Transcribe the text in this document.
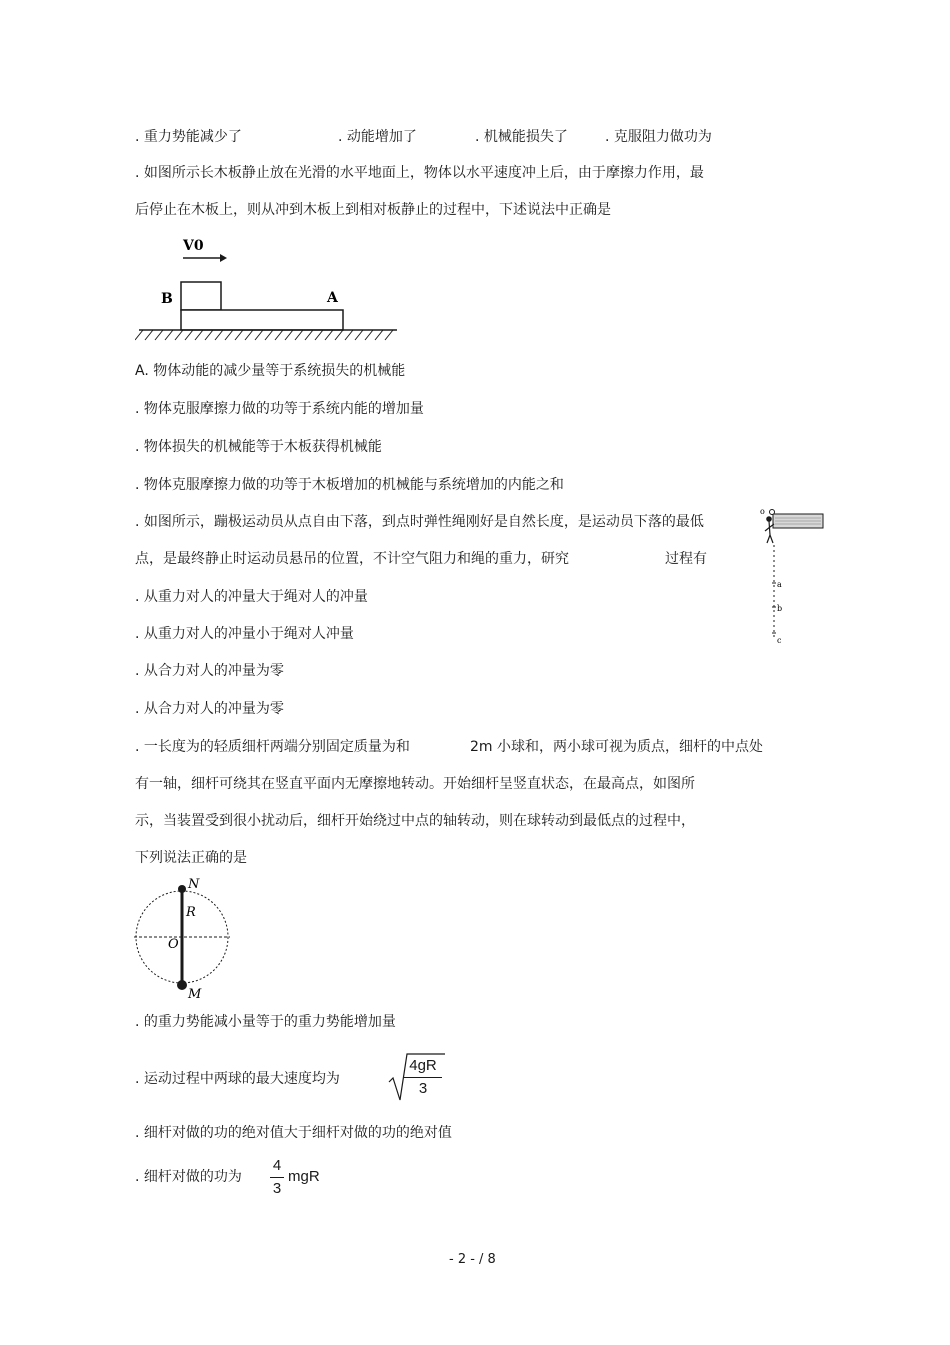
. 重力势能减少了	. 动能增加了	. 机械能损失了	. 克服阻力做功为
. 如图所示长木板静止放在光滑的水平地面上，物体以水平速度冲上后，由于摩擦力作用，最
后停止在木板上，则从冲到木板上到相对板静止的过程中，下述说法中正确是
V0
B	A
A. 物体动能的减少量等于系统损失的机械能
. 物体克服摩擦力做的功等于系统内能的增加量
. 物体损失的机械能等于木板获得机械能
. 物体克服摩擦力做的功等于木板增加的机械能与系统增加的内能之和
. 如图所示，蹦极运动员从点自由下落，到点时弹性绳刚好是自然长度，是运动员下落的最低
点，是最终静止时运动员悬吊的位置，不计空气阻力和绳的重力，研究	过程有
o
a
b
c
. 从重力对人的冲量大于绳对人的冲量
. 从重力对人的冲量小于绳对人冲量
. 从合力对人的冲量为零
. 从合力对人的冲量为零
. 一长度为的轻质细杆两端分别固定质量为和	2m 小球和，两小球可视为质点，细杆的中点处
有一轴，细杆可绕其在竖直平面内无摩擦地转动。开始细杆呈竖直状态，在最高点，如图所
示，当装置受到很小扰动后，细杆开始绕过中点的轴转动，则在球转动到最低点的过程中，
下列说法正确的是
N
R
O
M
. 的重力势能减小量等于的重力势能增加量
. 运动过程中两球的最大速度均为
4gR
3
. 细杆对做的功的绝对值大于细杆对做的功的绝对值
. 细杆对做的功为
4
3
mgR
- 2 - / 8
